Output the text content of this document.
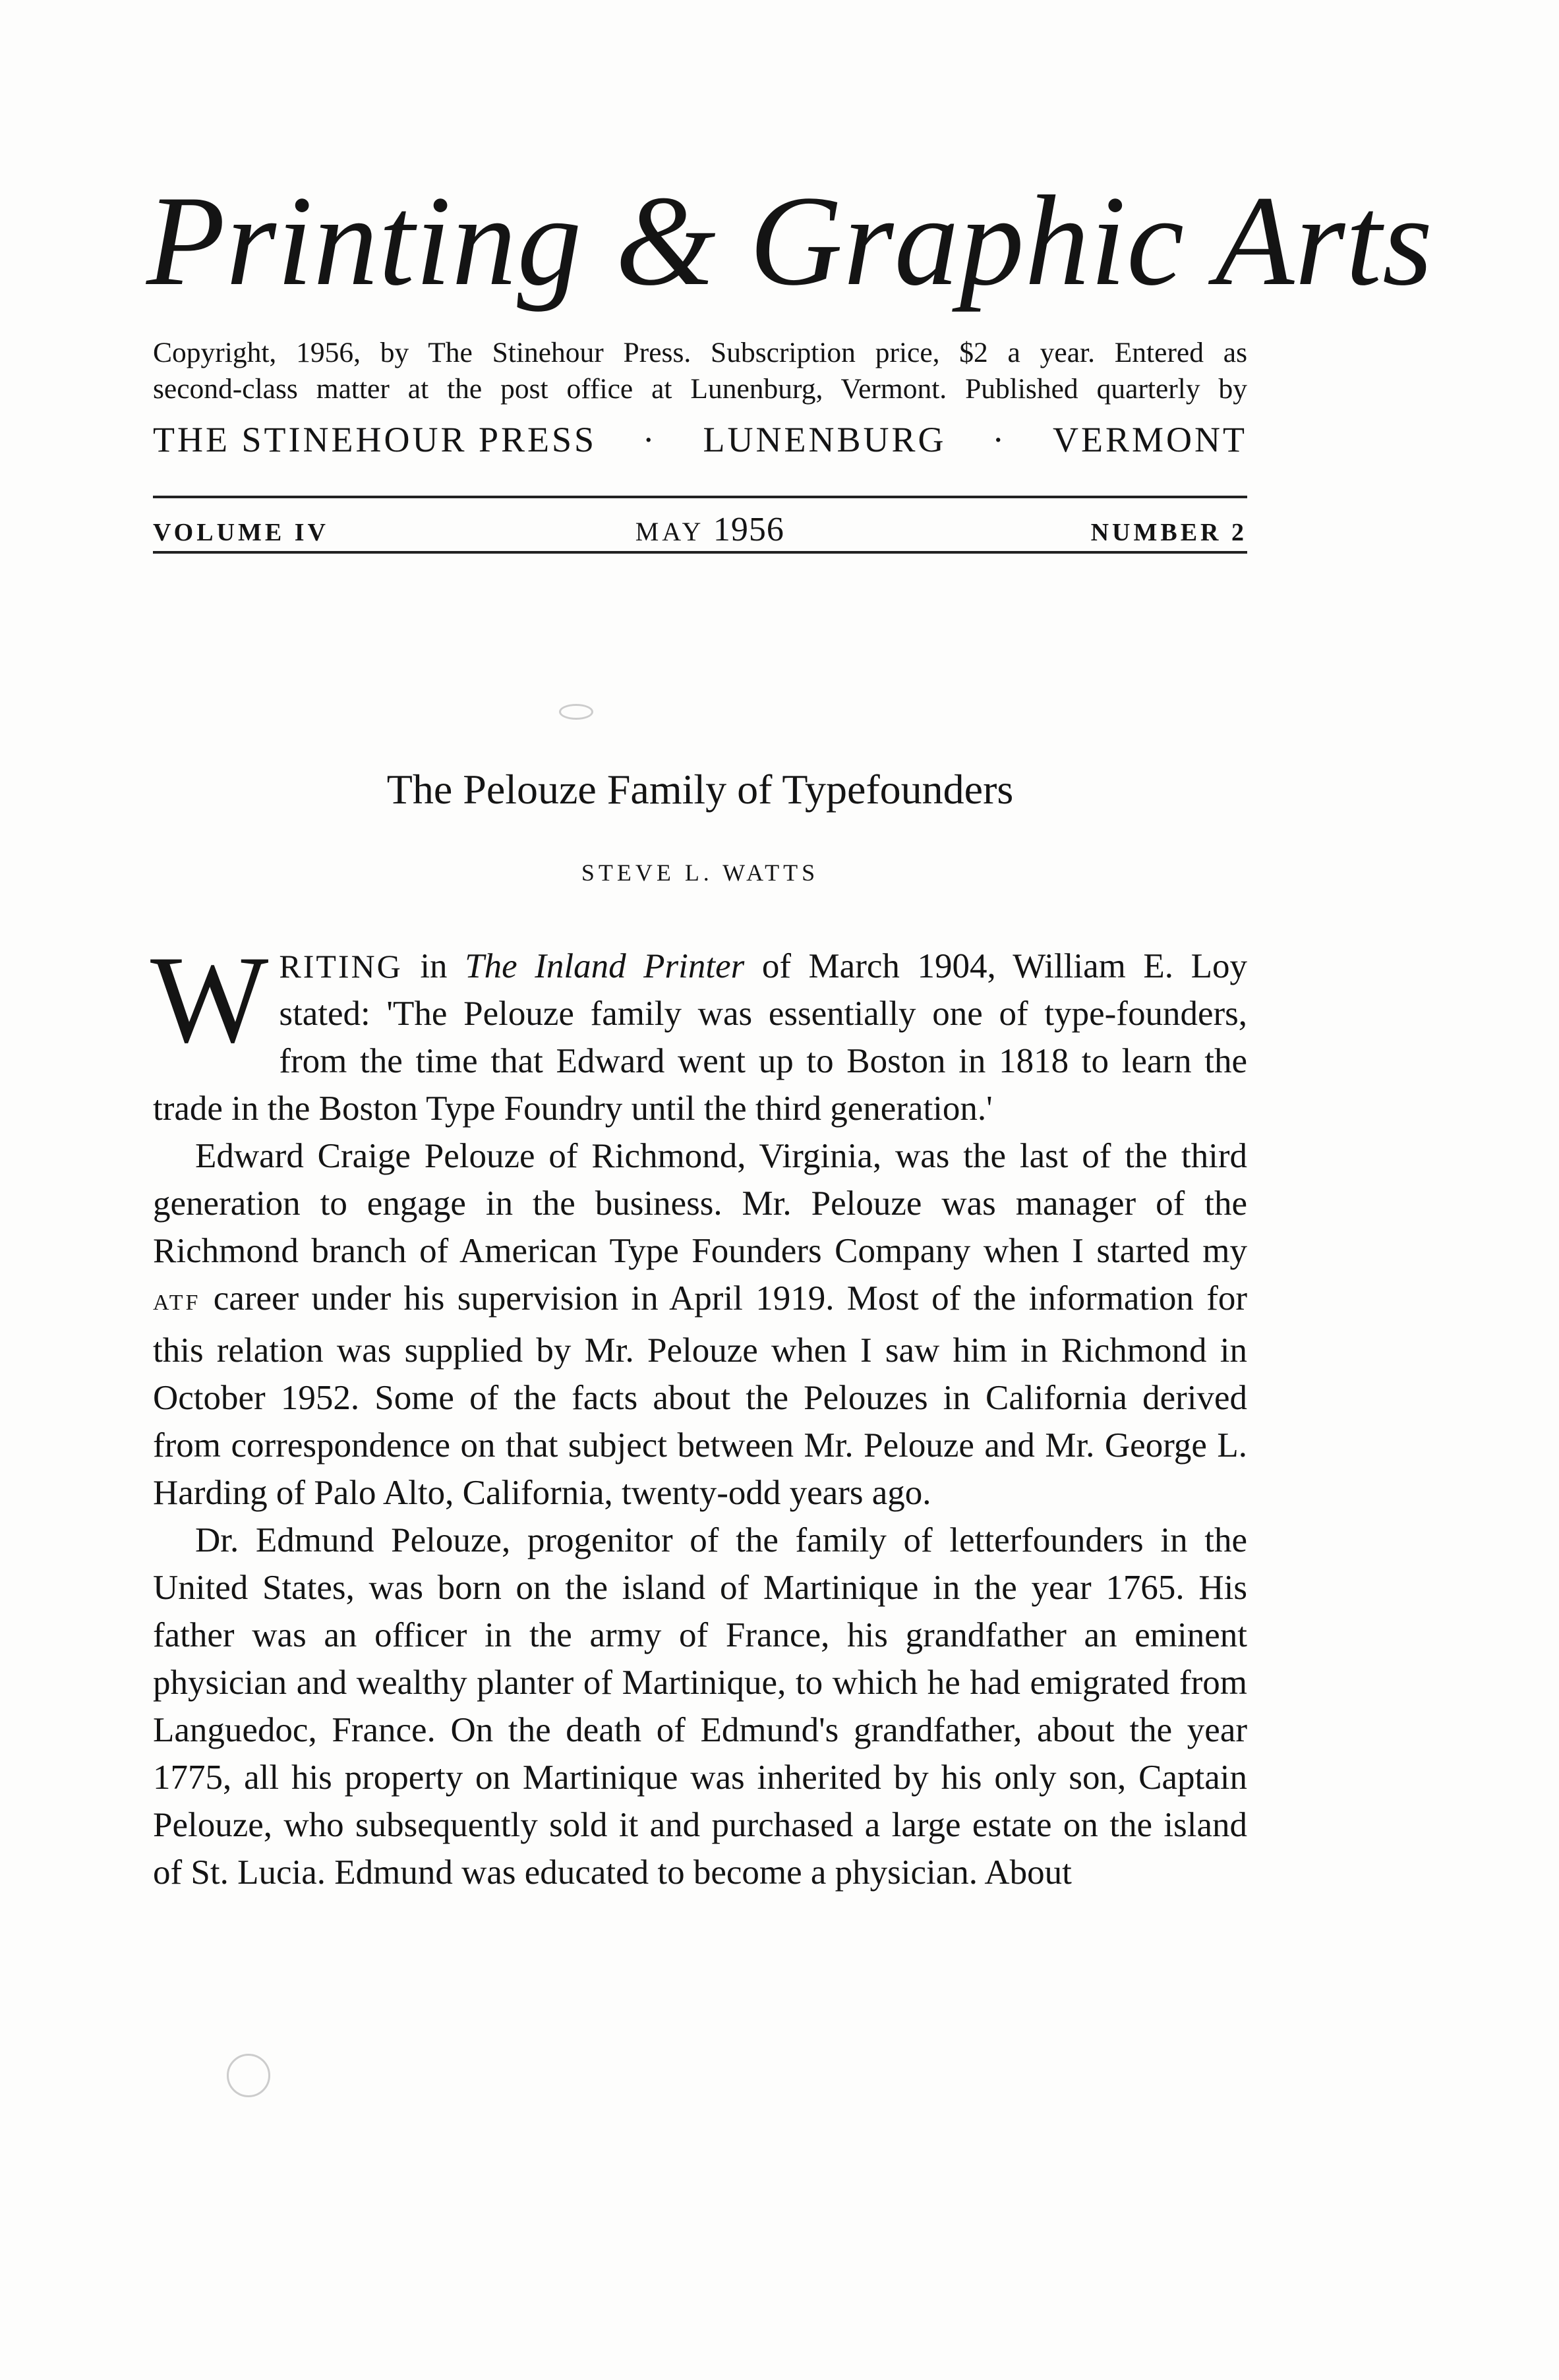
Printing & Graphic Arts
Copyright, 1956, by The Stinehour Press. Subscription price, $2 a year. Entered as
second-class matter at the post office at Lunenburg, Vermont. Published quarterly by
THE STINEHOUR PRESS · LUNENBURG · VERMONT
VOLUME IV	MAY 1956	NUMBER 2
The Pelouze Family of Typefounders
STEVE L. WATTS

WRITING in The Inland Printer of March 1904, William E. Loy stated: 'The Pelouze family was essentially one of type-founders, from the time that Edward went up to Boston in 1818 to learn the trade in the Boston Type Foundry until the third generation.'

Edward Craige Pelouze of Richmond, Virginia, was the last of the third generation to engage in the business. Mr. Pelouze was manager of the Richmond branch of American Type Founders Company when I started my ATF career under his supervision in April 1919. Most of the information for this relation was supplied by Mr. Pelouze when I saw him in Richmond in October 1952. Some of the facts about the Pelouzes in California derived from correspondence on that subject between Mr. Pelouze and Mr. George L. Harding of Palo Alto, California, twenty-odd years ago.

Dr. Edmund Pelouze, progenitor of the family of letterfounders in the United States, was born on the island of Martinique in the year 1765. His father was an officer in the army of France, his grandfather an eminent physician and wealthy planter of Martinique, to which he had emigrated from Languedoc, France. On the death of Edmund's grandfather, about the year 1775, all his property on Martinique was inherited by his only son, Captain Pelouze, who subsequently sold it and purchased a large estate on the island of St. Lucia. Edmund was educated to become a physician. About
